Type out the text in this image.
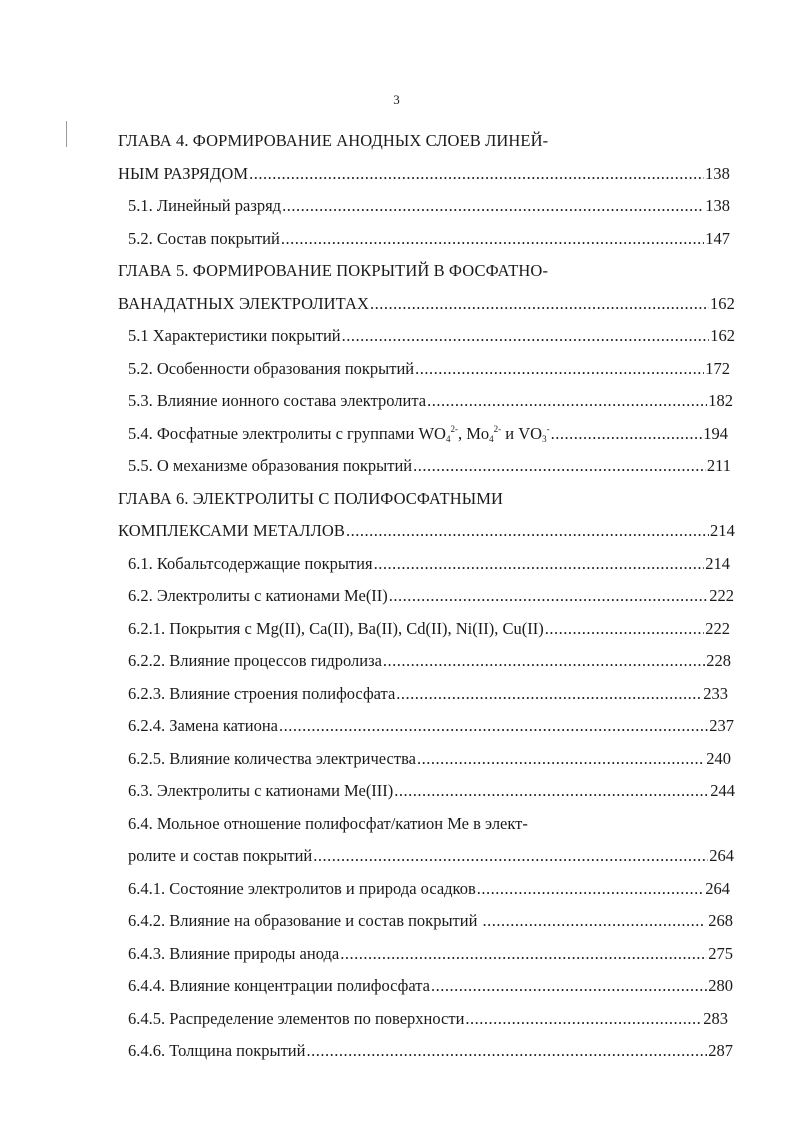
3
ГЛАВА 4. ФОРМИРОВАНИЕ АНОДНЫХ СЛОЕВ ЛИНЕЙ-
НЫМ РАЗРЯДОМ .....	138
5.1. Линейный разряд .....	138
5.2. Состав покрытий .....	147
ГЛАВА 5. ФОРМИРОВАНИЕ ПОКРЫТИЙ В ФОСФАТНО-
ВАНАДАТНЫХ ЭЛЕКТРОЛИТАХ .....	162
5.1 Характеристики покрытий .....	162
5.2. Особенности образования покрытий .....	172
5.3. Влияние ионного состава электролита .....	182
5.4. Фосфатные электролиты с группами $WO_4^{2-}$, $Mo_4^{2-}$ и $VO_3^-$ .....	194
5.5. О механизме образования покрытий .....	211
ГЛАВА 6. ЭЛЕКТРОЛИТЫ С ПОЛИФОСФАТНЫМИ
КОМПЛЕКСАМИ МЕТАЛЛОВ .....	214
6.1. Кобальтсодержащие покрытия .....	214
6.2. Электролиты с катионами Ме(II) .....	222
6.2.1. Покрытия с Mg(II), Ca(II), Ba(II), Cd(II), Ni(II), Cu(II) .....	222
6.2.2. Влияние процессов гидролиза .....	228
6.2.3. Влияние строения полифосфата .....	233
6.2.4. Замена катиона .....	237
6.2.5. Влияние количества электричества .....	240
6.3. Электролиты с катионами Ме(III) .....	244
6.4. Мольное отношение полифосфат/катион Ме в элект-
ролите и состав покрытий .....	264
6.4.1. Состояние электролитов и природа осадков .....	264
6.4.2. Влияние на образование и состав покрытий .....	268
6.4.3. Влияние природы анода .....	275
6.4.4. Влияние концентрации полифосфата .....	280
6.4.5. Распределение элементов по поверхности .....	283
6.4.6. Толщина покрытий .....	287
